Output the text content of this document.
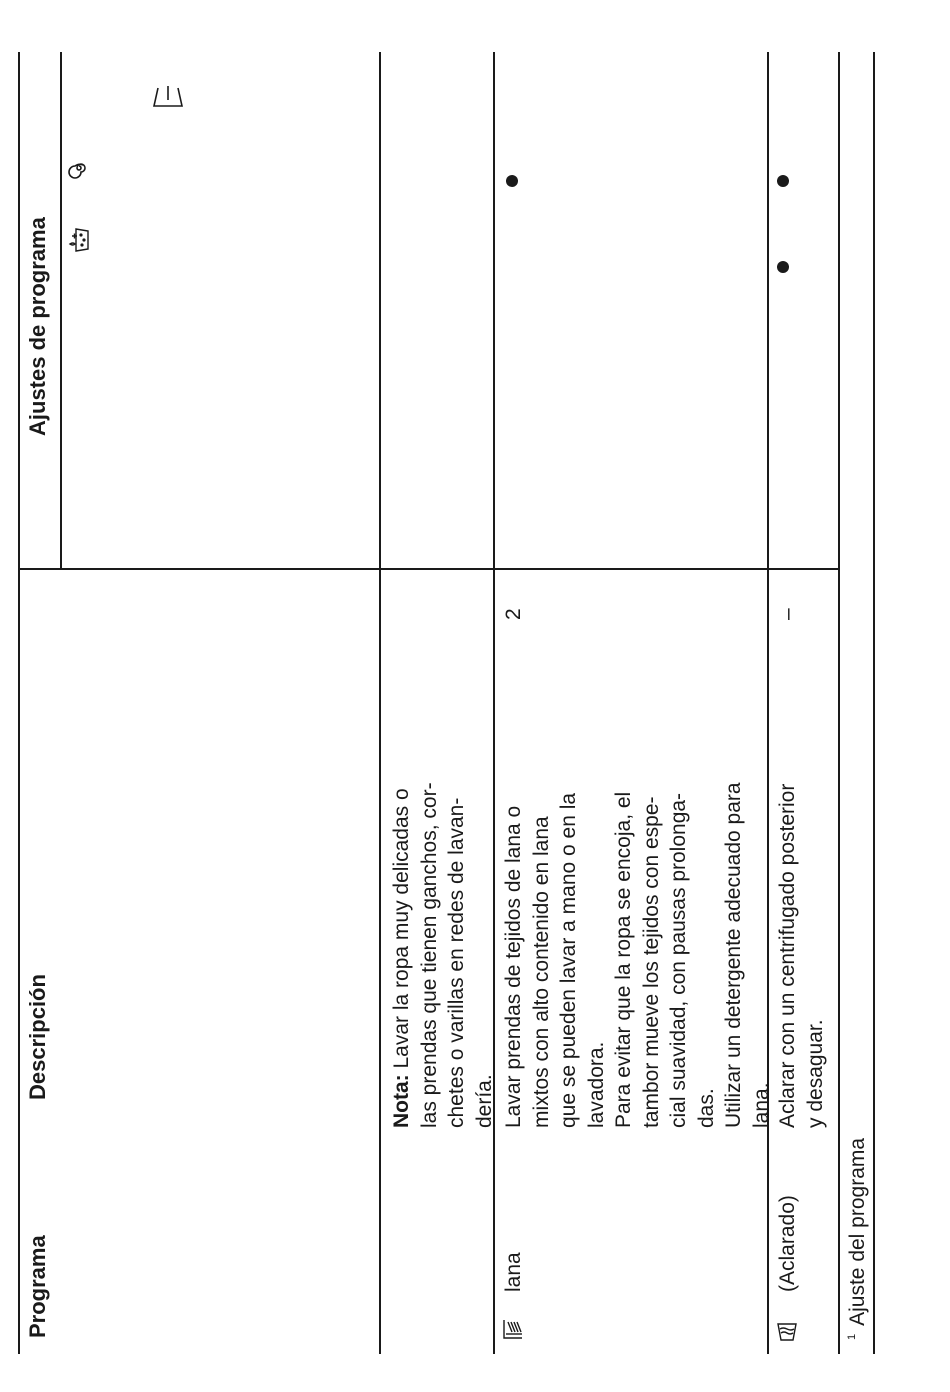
Programa
Descripción
Ajustes de programa
Nota: Lavar la ropa muy delicadas o las prendas que tienen ganchos, cor- chetes o varillas en redes de lavan- dería.
lana
Lavar prendas de tejidos de lana o mixtos con alto contenido en lana que se pueden lavar a mano o en la lavadora. Para evitar que la ropa se encoja, el tambor mueve los tejidos con espe- cial suavidad, con pausas prolonga- das. Utilizar un detergente adecuado para lana.
2
(Aclarado)
Aclarar con un centrifugado posterior y desaguar.
–
$^1$Ajuste del programa
